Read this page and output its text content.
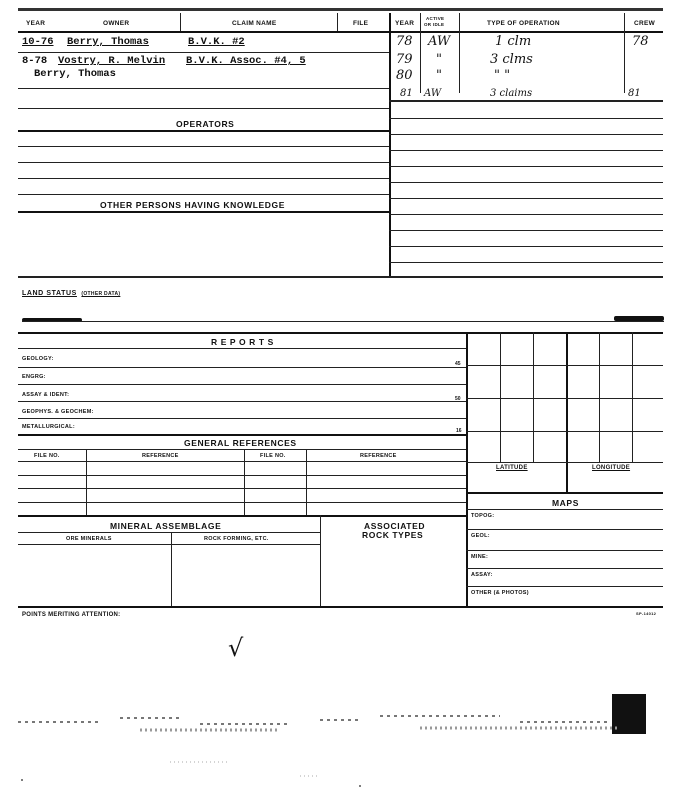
YEAR	OWNER	CLAIM NAME	FILE	YEAR
ACTIVE
OR IDLE	TYPE OF OPERATION	CREW
10-76 Berry, Thomas	B.V.K. #2
8-78 Vostry, R. Melvin B.V.K. Assoc. #4, 5
Berry, Thomas
78 AW	1 clm	78
79 "	3 clms
80 "	" "
81 AW	3 claims	81
OPERATORS
OTHER PERSONS HAVING KNOWLEDGE
LAND STATUS (OTHER DATA)
R E P O R T S
GEOLOGY:
45
ENGRG:
ASSAY & IDENT:
50
GEOPHYS. & GEOCHEM:
METALLURGICAL:
16
GENERAL REFERENCES
FILE NO.	REFERENCE	FILE NO.	REFERENCE
MINERAL ASSEMBLAGE	ASSOCIATED
ROCK TYPES
ORE MINERALS	ROCK FORMING, ETC.
LATITUDE	LONGITUDE
MAPS
TOPOG:
GEOL:
MINE:
ASSAY:
OTHER (& PHOTOS)
POINTS MERITING ATTENTION:	SP-14012
√
